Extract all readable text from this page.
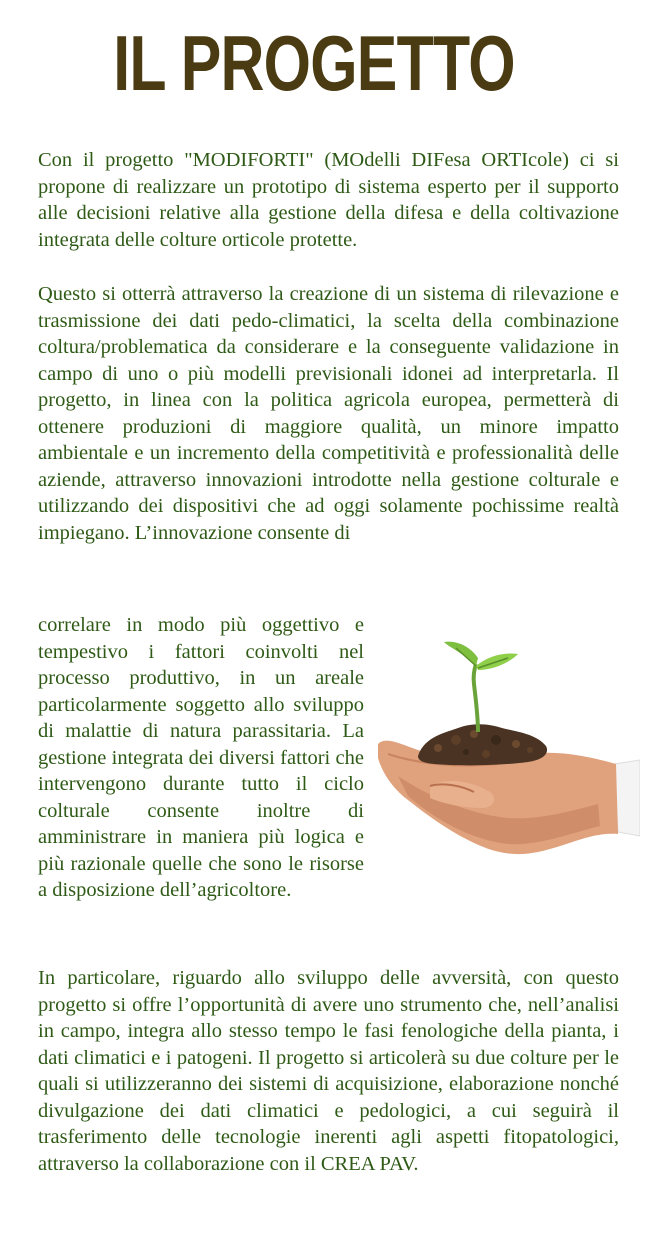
IL PROGETTO

Con il progetto "MODIFORTI" (MOdelli DIFesa ORTIcole) ci si propone di realizzare un prototipo di sistema esperto per il supporto alle decisioni relative alla gestione della difesa e della coltivazione integrata delle colture orticole protette.

Questo si otterrà attraverso la creazione di un sistema di rilevazione e trasmissione dei dati pedo-climatici, la scelta della combinazione coltura/problematica da considerare e la conseguente validazione in campo di uno o più modelli previsionali idonei ad interpretarla. Il progetto, in linea con la politica agricola europea, permetterà di ottenere produzioni di maggiore qualità, un minore impatto ambientale e un incremento della competitività e professionalità delle aziende, attraverso innovazioni introdotte nella gestione colturale e utilizzando dei dispositivi che ad oggi solamente pochissime realtà impiegano. L’innovazione consente di

correlare in modo più oggettivo e tempestivo i fattori coinvolti nel processo produttivo, in un areale particolarmente soggetto allo sviluppo di malattie di natura parassitaria. La gestione integrata dei diversi fattori che intervengono durante tutto il ciclo colturale consente inoltre di amministrare in maniera più logica e più razionale quelle che sono le risorse a disposizione dell’agricoltore.

In particolare, riguardo allo sviluppo delle avversità, con questo progetto si offre l’opportunità di avere uno strumento che, nell’analisi in campo, integra allo stesso tempo le fasi fenologiche della pianta, i dati climatici e i patogeni. Il progetto si articolerà su due colture per le quali si utilizzeranno dei sistemi di acquisizione, elaborazione nonché divulgazione dei dati climatici e pedologici, a cui seguirà il trasferimento delle tecnologie inerenti agli aspetti fitopatologici, attraverso la collaborazione con il CREA PAV.
